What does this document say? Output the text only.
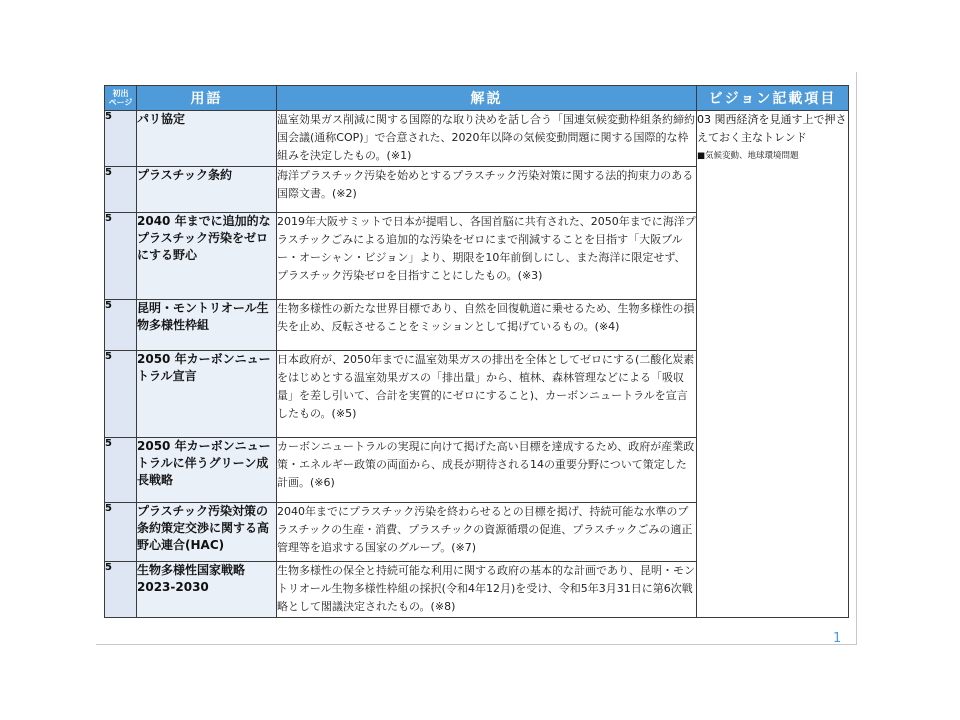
初出
ページ	用語	解説	ビジョン記載項目
5	パリ協定	温室効果ガス削減に関する国際的な取り決めを話し合う「国連気候変動枠組条約締約国会議(通称COP)」で合意された、2020年以降の気候変動問題に関する国際的な枠組みを決定したもの。(※1)	03 関西経済を見通す上で押さえておく主なトレンド
■気候変動、地球環境問題

5	プラスチック条約	海洋プラスチック汚染を始めとするプラスチック汚染対策に関する法的拘束力のある国際文書。(※2)	
5	2040 年までに追加的なプラスチック汚染をゼロにする野心	2019年大阪サミットで日本が提唱し、各国首脳に共有された、2050年までに海洋プラスチックごみによる追加的な汚染をゼロにまで削減することを目指す「大阪ブルー・オーシャン・ビジョン」より、期限を10年前倒しにし、また海洋に限定せず、プラスチック汚染ゼロを目指すことにしたもの。(※3)	
5	昆明・モントリオール生物多様性枠組	生物多様性の新たな世界目標であり、自然を回復軌道に乗せるため、生物多様性の損失を止め、反転させることをミッションとして掲げているもの。(※4)	
5	2050 年カーボンニュートラル宣言	日本政府が、2050年までに温室効果ガスの排出を全体としてゼロにする(二酸化炭素をはじめとする温室効果ガスの「排出量」から、植林、森林管理などによる「吸収量」を差し引いて、合計を実質的にゼロにすること)、カーボンニュートラルを宣言したもの。(※5)	
5	2050 年カーボンニュートラルに伴うグリーン成長戦略	カーボンニュートラルの実現に向けて掲げた高い目標を達成するため、政府が産業政策・エネルギー政策の両面から、成長が期待される14の重要分野について策定した計画。(※6)	
5	プラスチック汚染対策の条約策定交渉に関する高野心連合(HAC)	2040年までにプラスチック汚染を終わらせるとの目標を掲げ、持続可能な水準のプラスチックの生産・消費、プラスチックの資源循環の促進、プラスチックごみの適正管理等を追求する国家のグループ。(※7)	
5	生物多様性国家戦略 2023-2030	生物多様性の保全と持続可能な利用に関する政府の基本的な計画であり、昆明・モントリオール生物多様性枠組の採択(令和4年12月)を受け、令和5年3月31日に第6次戦略として閣議決定されたもの。(※8)	
1
